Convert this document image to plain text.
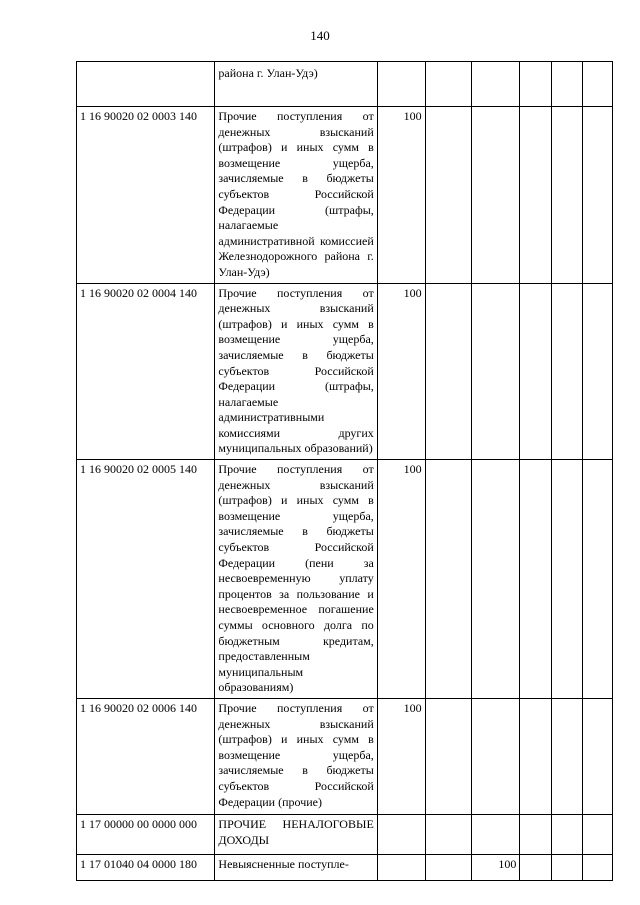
140
	района г. Улан-Удэ)						
1 16 90020 02 0003 140	Прочие поступления от денежных взысканий (штрафов) и иных сумм в возмещение ущерба, зачисляемые в бюджеты субъектов Российской Федерации (штрафы, налагаемые административной комиссией Железнодорожного района г. Улан-Удэ)	100					
1 16 90020 02 0004 140	Прочие поступления от денежных взысканий (штрафов) и иных сумм в возмещение ущерба, зачисляемые в бюджеты субъектов Российской Федерации (штрафы, налагаемые административными комиссиями других муниципальных образований)	100					
1 16 90020 02 0005 140	Прочие поступления от денежных взысканий (штрафов) и иных сумм в возмещение ущерба, зачисляемые в бюджеты субъектов Российской Федерации (пени за несвоевременную уплату процентов за пользование и несвоевременное погашение суммы основного долга по бюджетным кредитам, предоставленным муниципальным образованиям)	100					
1 16 90020 02 0006 140	Прочие поступления от денежных взысканий (штрафов) и иных сумм в возмещение ущерба, зачисляемые в бюджеты субъектов Российской Федерации (прочие)	100					
1 17 00000 00 0000 000	ПРОЧИЕ НЕНАЛОГОВЫЕ ДОХОДЫ						
1 17 01040 04 0000 180	Невыясненные поступле-			100			
